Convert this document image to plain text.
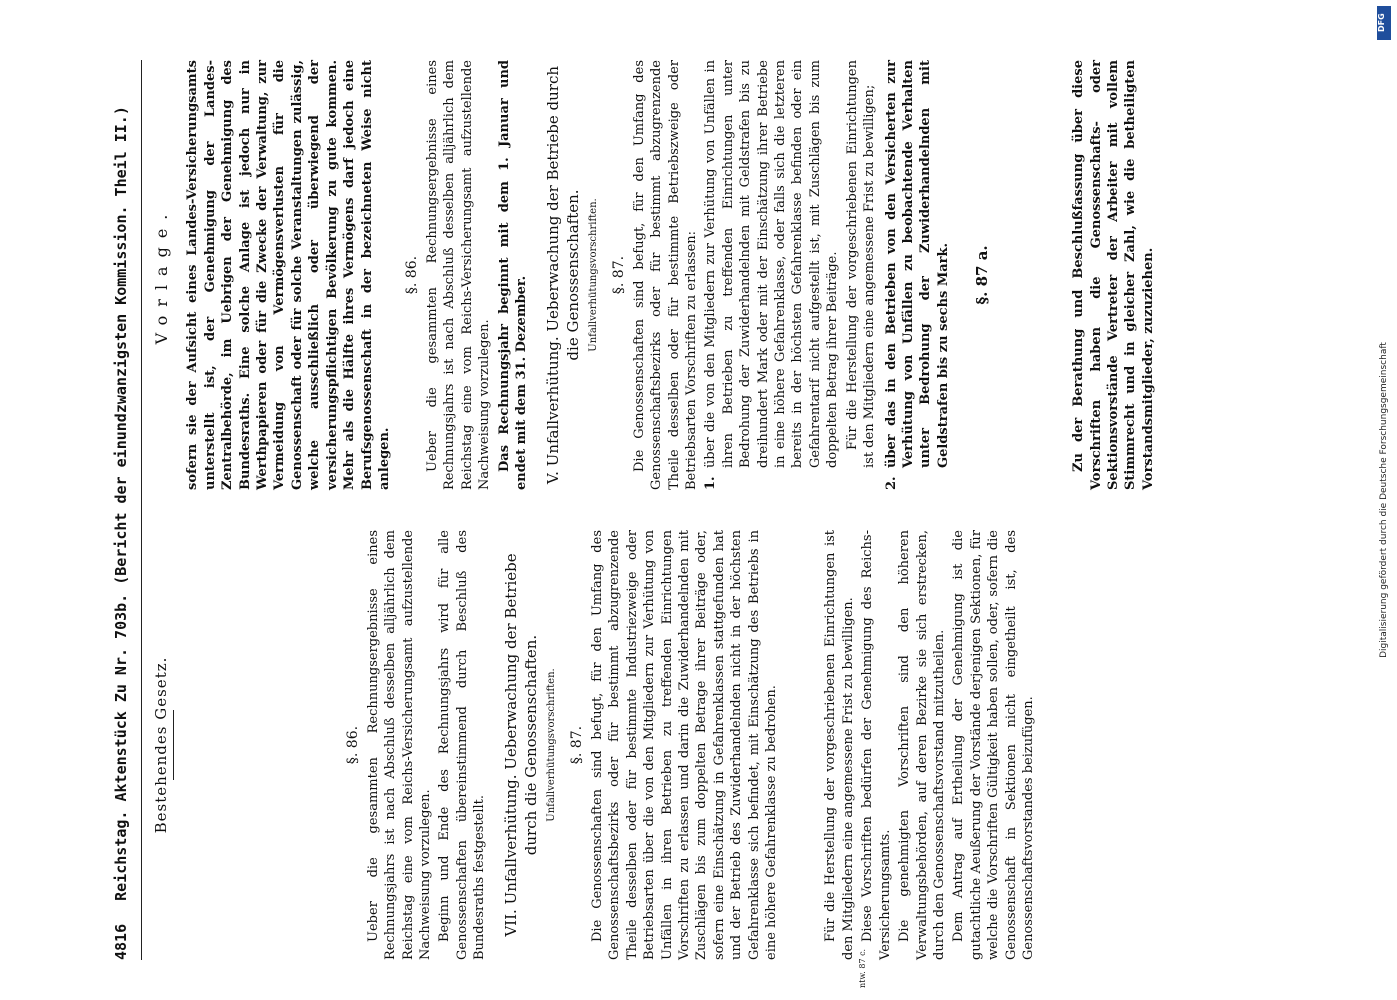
4816 Reichstag. Aktenstück Zu Nr. 703b. (Bericht der einundzwanzigsten Kommission. Theil II.)	Bestehendes Gesetz.	§. 86. Ueber die gesammten Rechnungsergebnisse eines Rechnungsjahrs ist nach Abschluß desselben alljährlich dem Reichstag eine vom Reichs-Versicherungsamt aufzustellende Nachweisung vorzulegen. Beginn und Ende des Rechnungsjahrs wird für alle Genossenschaften übereinstimmend durch Beschluß des Bundesraths festgestellt. VII. Unfallverhütung. Ueberwachung der Betriebe durch die Genossenschaften. Unfallverhütungsvorschriften. §. 87. Die Genossenschaften sind befugt, für den Umfang des Genossenschaftsbezirks oder für bestimmt abzugrenzende Theile desselben oder für bestimmte Industriezweige oder Betriebsarten über die von den Mitgliedern zur Verhütung von Unfällen in ihren Betrieben zu treffenden Einrichtungen Vorschriften zu erlassen und darin die Zuwiderhandelnden mit Zuschlägen bis zum doppelten Betrage ihrer Beiträge oder, sofern eine Einschätzung in Gefahrenklassen stattgefunden hat und der Betrieb des Zuwiderhandelnden nicht in der höchsten Gefahrenklasse sich befindet, mit Einschätzung des Betriebs in eine höhere Gefahrenklasse zu bedrohen.	Für die Herstellung der vorgeschriebenen Einrichtungen ist den Mitgliedern eine angemessene Frist zu bewilligen.

ntw. 87 c.

Diese Vorschriften bedürfen der Genehmigung des Reichs-Versicherungsamts. Die genehmigten Vorschriften sind den höheren Verwaltungsbehörden, auf deren Bezirke sie sich erstrecken, durch den Genossenschaftsvorstand mitzutheilen. Dem Antrag auf Ertheilung der Genehmigung ist die gutachtliche Aeußerung der Vorstände derjenigen Sektionen, für welche die Vorschriften Gültigkeit haben sollen, oder, sofern die Genossenschaft in Sektionen nicht eingetheilt ist, des Genossenschaftsvorstandes beizufügen.

Vorlage. sofern sie der Aufsicht eines Landes-Versicherungsamts unterstellt ist, der Genehmigung der Landes-Zentralbehörde, im Uebrigen der Genehmigung des Bundesraths. Eine solche Anlage ist jedoch nur in Werthpapieren oder für die Zwecke der Verwaltung, zur Vermeidung von Vermögensverlusten für die Genossenschaft oder für solche Veranstaltungen zulässig, welche ausschließlich oder überwiegend der versicherungspflichtigen Bevölkerung zu gute kommen. Mehr als die Hälfte ihres Vermögens darf jedoch eine Berufsgenossenschaft in der bezeichneten Weise nicht anlegen.

§. 86. Ueber die gesammten Rechnungsergebnisse eines Rechnungsjahrs ist nach Abschluß desselben alljährlich dem Reichstag eine vom Reichs-Versicherungsamt aufzustellende Nachweisung vorzulegen. Das Rechnungsjahr beginnt mit dem 1. Januar und endet mit dem 31. Dezember. V. Unfallverhütung. Ueberwachung der Betriebe durch die Genossenschaften. Unfallverhütungsvorschriften. §. 87. Die Genossenschaften sind befugt, für den Umfang des Genossenschaftsbezirks oder für bestimmt abzugrenzende Theile desselben oder für bestimmte Betriebszweige oder Betriebsarten Vorschriften zu erlassen: 1.

über die von den Mitgliedern zur Verhütung von Unfällen in ihren Betrieben zu treffenden Einrichtungen unter Bedrohung der Zuwiderhandelnden mit Geldstrafen bis zu dreihundert Mark oder mit der Einschätzung ihrer Betriebe in eine höhere Gefahrenklasse, oder falls sich die letzteren bereits in der höchsten Gefahrenklasse befinden oder ein Gefahrentarif nicht aufgestellt ist, mit Zuschlägen bis zum doppelten Betrag ihrer Beiträge. Für die Herstellung der vorgeschriebenen Einrichtungen ist den Mitgliedern eine angemessene Frist zu bewilligen;

2.

über das in den Betrieben von den Versicherten zur Verhütung von Unfällen zu beobachtende Verhalten unter Bedrohung der Zuwiderhandelnden mit Geldstrafen bis zu sechs Mark. §. 87 a.	Zu der Berathung und Beschlußfassung über diese Vorschriften haben die Genossenschafts- oder Sektionsvorstände Vertreter der Arbeiter mit vollem Stimmrecht und in gleicher Zahl, wie die betheiligten Vorstandsmitglieder, zuzuziehen.

DFG
Digitalisierung gefördert durch die Deutsche Forschungsgemeinschaft
